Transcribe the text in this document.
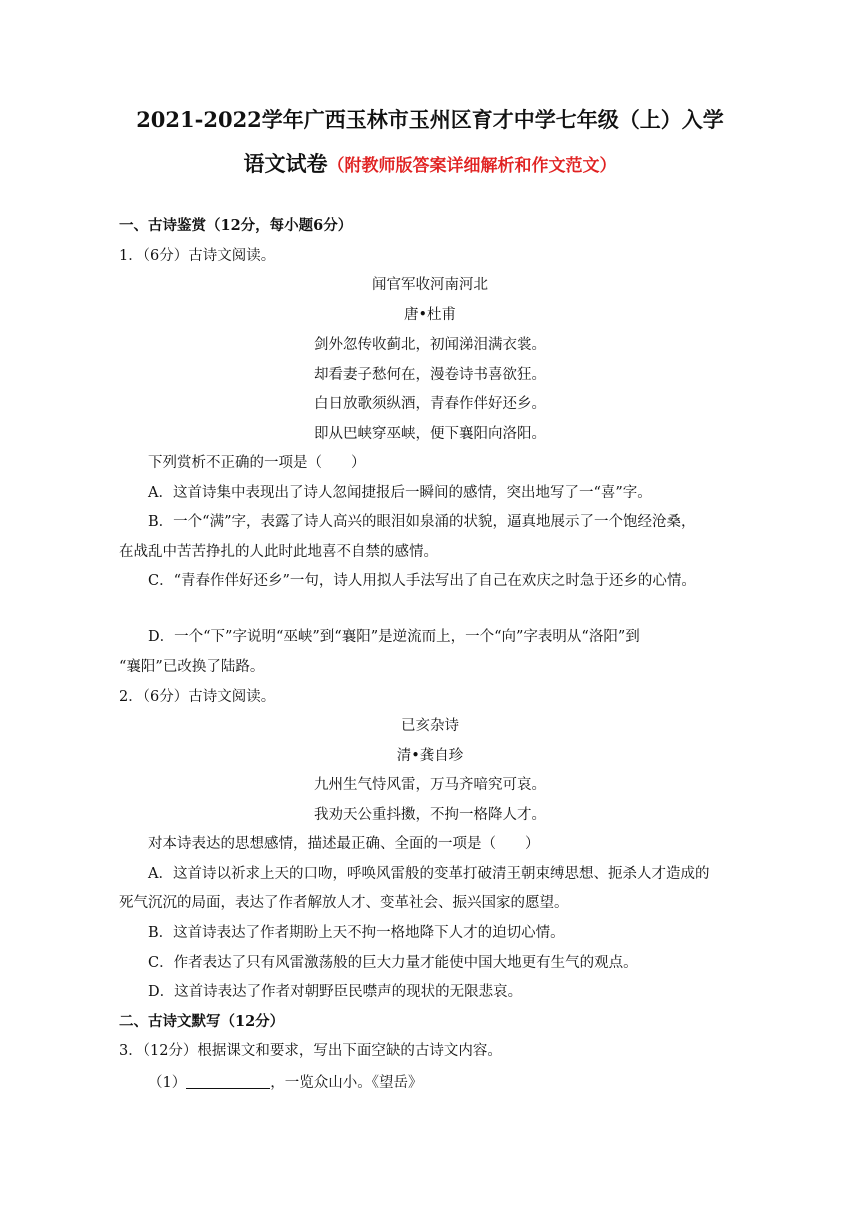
2021-2022学年广西玉林市玉州区育才中学七年级（上）入学
语文试卷（附教师版答案详细解析和作文范文）
一、古诗鉴赏（12分，每小题6分）
1．（6分）古诗文阅读。
闻官军收河南河北
唐•杜甫
剑外忽传收蓟北，初闻涕泪满衣裳。
却看妻子愁何在，漫卷诗书喜欲狂。
白日放歌须纵酒，青春作伴好还乡。
即从巴峡穿巫峡，便下襄阳向洛阳。
下列赏析不正确的一项是（　　）
A．这首诗集中表现出了诗人忽闻捷报后一瞬间的感情，突出地写了一“喜”字。
B．一个“满”字，表露了诗人高兴的眼泪如泉涌的状貌，逼真地展示了一个饱经沧桑，
在战乱中苦苦挣扎的人此时此地喜不自禁的感情。
C．“青春作伴好还乡”一句，诗人用拟人手法写出了自己在欢庆之时急于还乡的心情。
D．一个“下”字说明“巫峡”到“襄阳”是逆流而上，一个“向”字表明从“洛阳”到
“襄阳”已改换了陆路。
2．（6分）古诗文阅读。
已亥杂诗
清•龚自珍
九州生气恃风雷，万马齐喑究可哀。
我劝天公重抖擞，不拘一格降人才。
对本诗表达的思想感情，描述最正确、全面的一项是（　　）
A．这首诗以祈求上天的口吻，呼唤风雷般的变革打破清王朝束缚思想、扼杀人才造成的
死气沉沉的局面，表达了作者解放人才、变革社会、振兴国家的愿望。
B．这首诗表达了作者期盼上天不拘一格地降下人才的迫切心情。
C．作者表达了只有风雷激荡般的巨大力量才能使中国大地更有生气的观点。
D．这首诗表达了作者对朝野臣民噤声的现状的无限悲哀。
二、古诗文默写（12分）
3．（12分）根据课文和要求，写出下面空缺的古诗文内容。
（1）	，一览众山小。《望岳》
